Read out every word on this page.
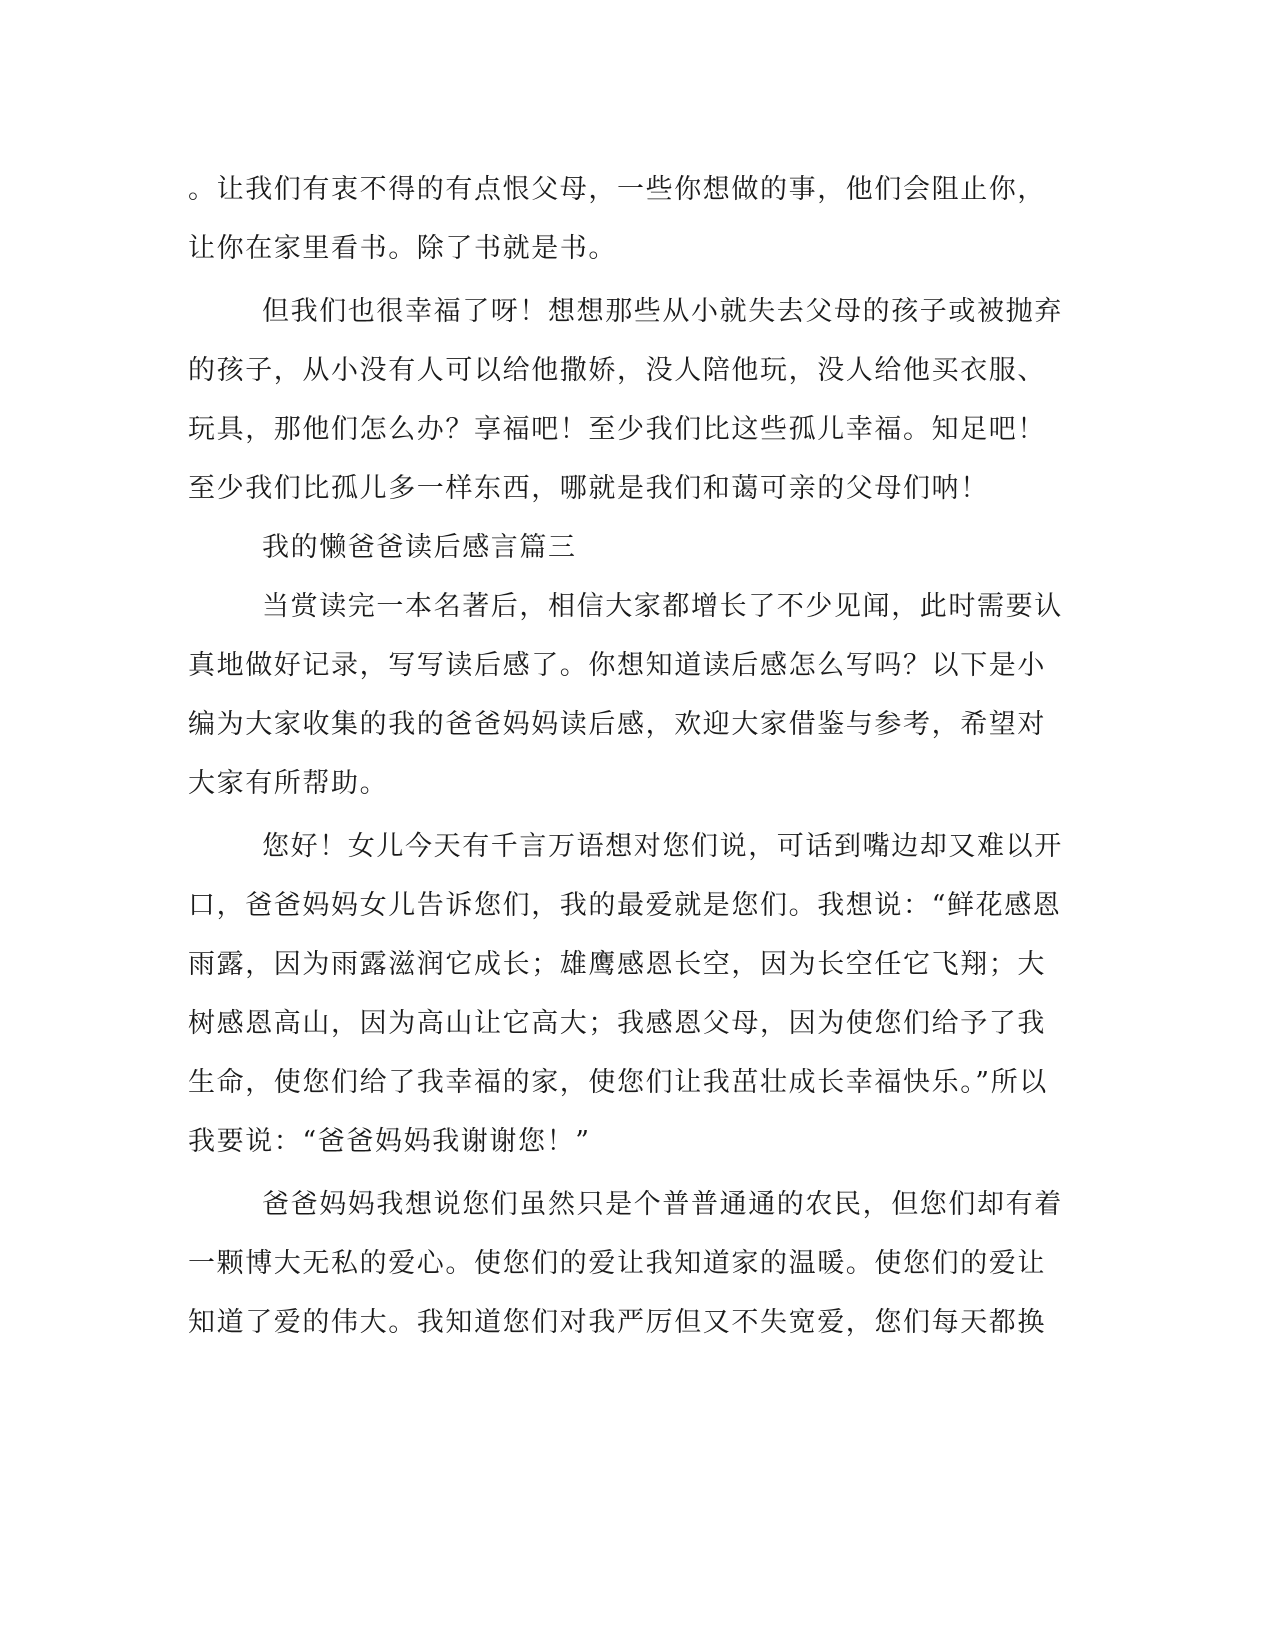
。让我们有衷不得的有点恨父母，一些你想做的事，他们会阻止你，
让你在家里看书。除了书就是书。
但我们也很幸福了呀！想想那些从小就失去父母的孩子或被抛弃
的孩子，从小没有人可以给他撒娇，没人陪他玩，没人给他买衣服、
玩具，那他们怎么办？享福吧！至少我们比这些孤儿幸福。知足吧！
至少我们比孤儿多一样东西，哪就是我们和蔼可亲的父母们呐！
我的懒爸爸读后感言篇三
当赏读完一本名著后，相信大家都增长了不少见闻，此时需要认
真地做好记录，写写读后感了。你想知道读后感怎么写吗？以下是小
编为大家收集的我的爸爸妈妈读后感，欢迎大家借鉴与参考，希望对
大家有所帮助。
您好！女儿今天有千言万语想对您们说，可话到嘴边却又难以开
口，爸爸妈妈女儿告诉您们，我的最爱就是您们。我想说：“鲜花感恩
雨露，因为雨露滋润它成长；雄鹰感恩长空，因为长空任它飞翔；大
树感恩高山，因为高山让它高大；我感恩父母，因为使您们给予了我
生命，使您们给了我幸福的家，使您们让我茁壮成长幸福快乐。”所以
我要说：“爸爸妈妈我谢谢您！”
爸爸妈妈我想说您们虽然只是个普普通通的农民，但您们却有着
一颗博大无私的爱心。使您们的爱让我知道家的温暖。使您们的爱让
知道了爱的伟大。我知道您们对我严厉但又不失宽爱，您们每天都换
